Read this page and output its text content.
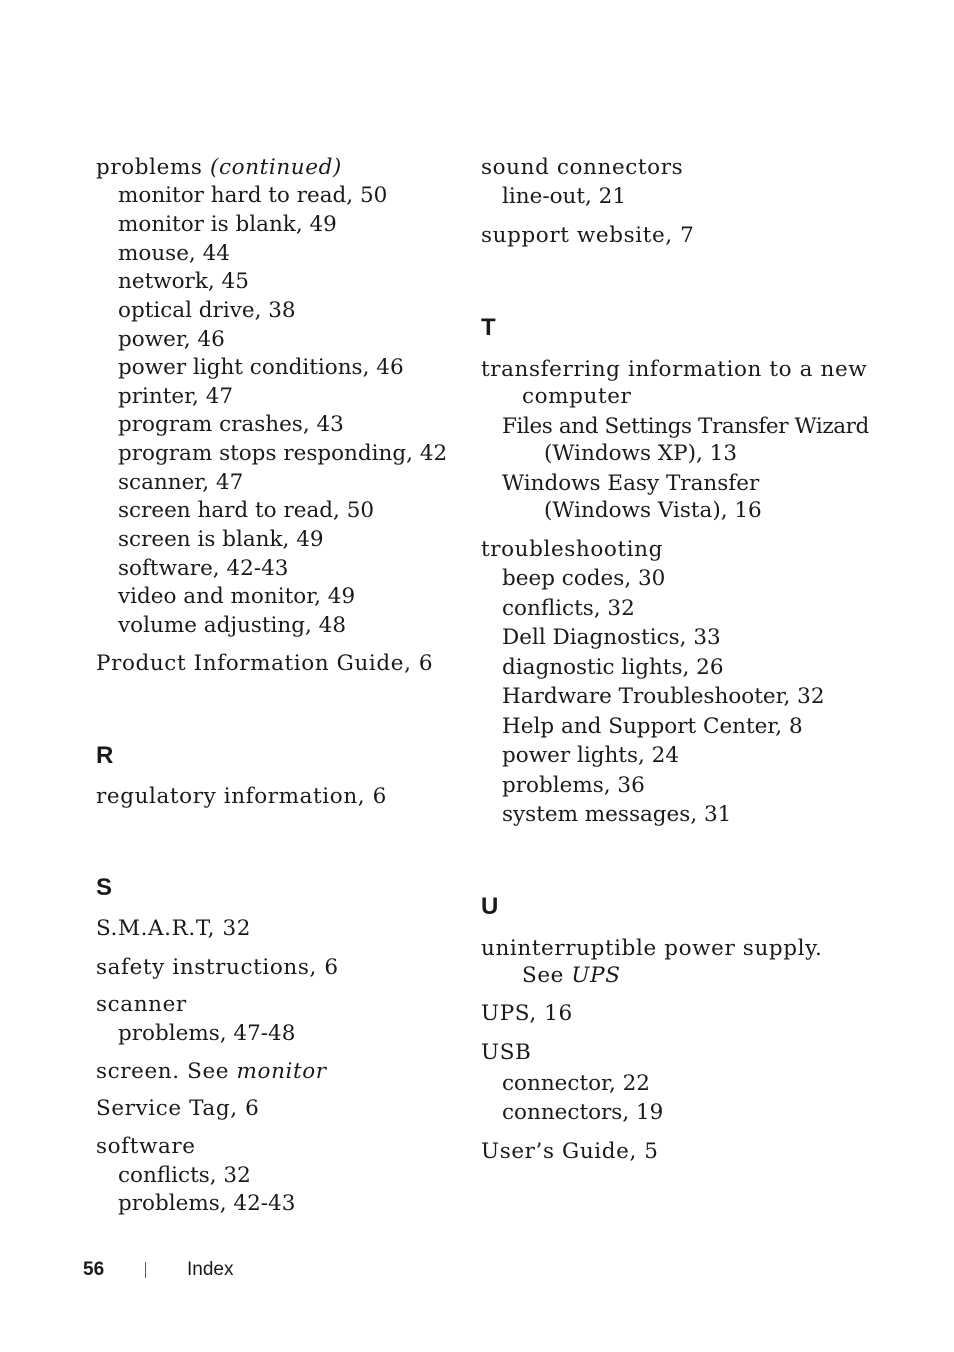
problems (continued)
monitor hard to read, 50
monitor is blank, 49
mouse, 44
network, 45
optical drive, 38
power, 46
power light conditions, 46
printer, 47
program crashes, 43
program stops responding, 42
scanner, 47
screen hard to read, 50
screen is blank, 49
software, 42-43
video and monitor, 49
volume adjusting, 48
Product Information Guide, 6
R
regulatory information, 6
S
S.M.A.R.T, 32
safety instructions, 6
scanner
problems, 47-48
screen. See monitor
Service Tag, 6
software
conflicts, 32
problems, 42-43
sound connectors
line-out, 21
support website, 7
T
transferring information to a new
computer
Files and Settings Transfer Wizard
(Windows XP), 13
Windows Easy Transfer
(Windows Vista), 16
troubleshooting
beep codes, 30
conflicts, 32
Dell Diagnostics, 33
diagnostic lights, 26
Hardware Troubleshooter, 32
Help and Support Center, 8
power lights, 24
problems, 36
system messages, 31
U
uninterruptible power supply.
See UPS
UPS, 16
USB
connector, 22
connectors, 19
User’s Guide, 5
56	Index
